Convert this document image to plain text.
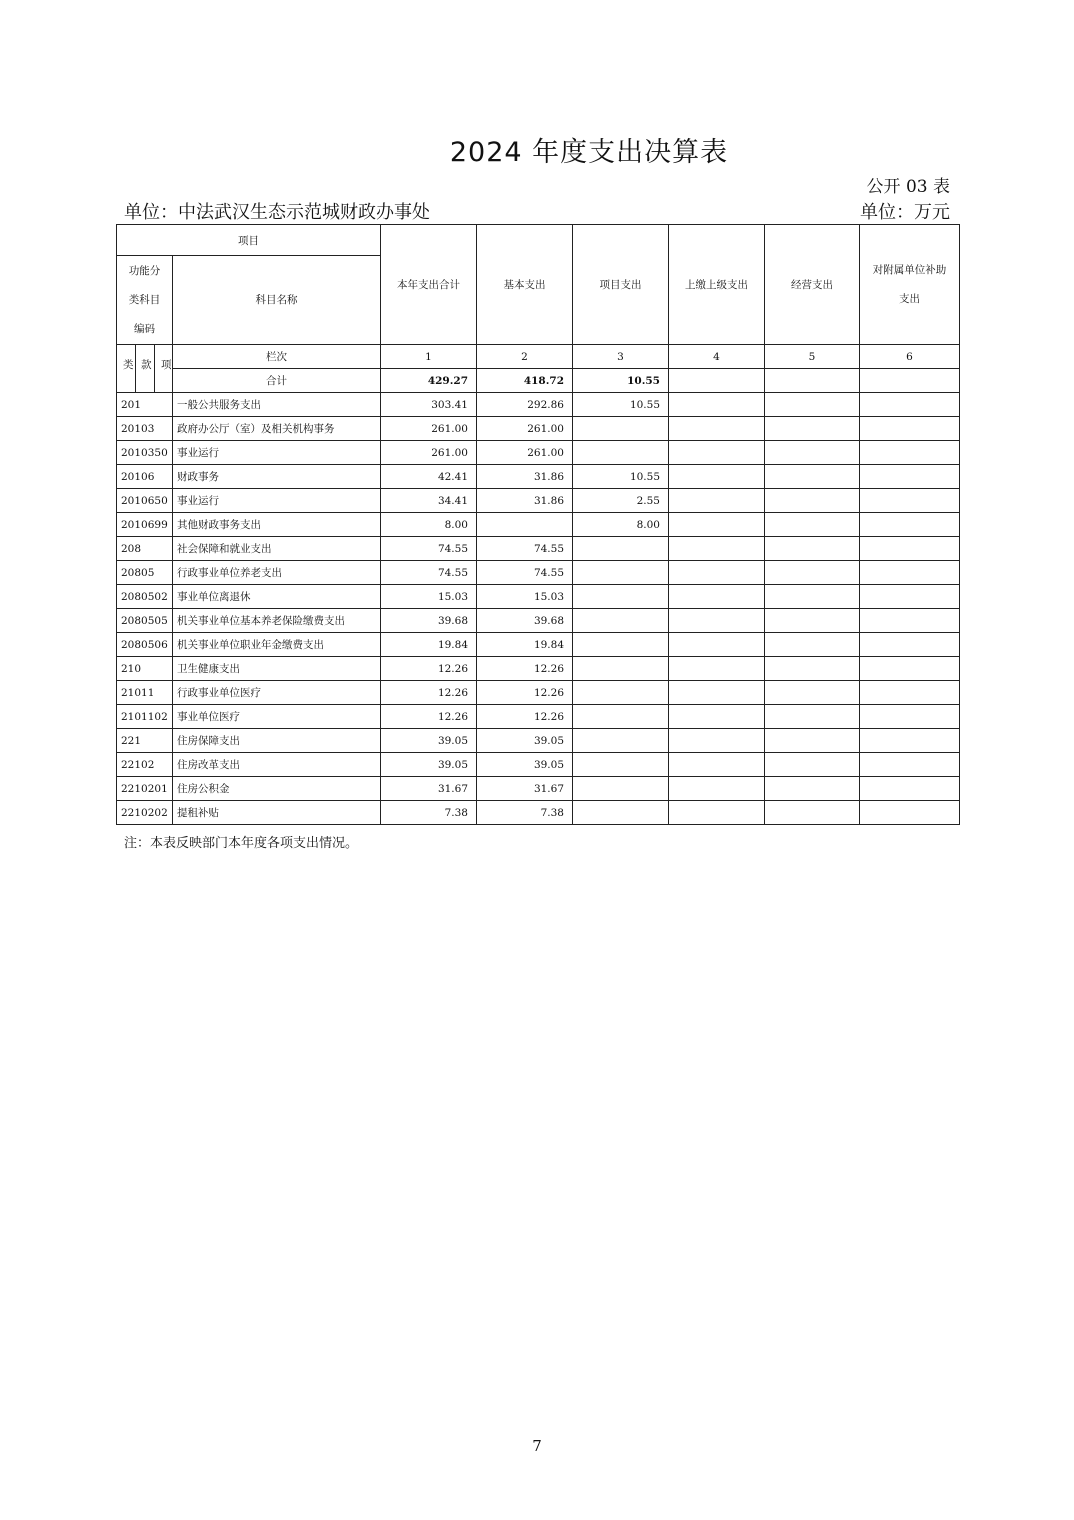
2024 年度支出决算表
公开 03 表
单位：中法武汉生态示范城财政办事处	单位：万元
项目		本年支出合计	基本支出	项目支出	上缴上级支出	经营支出	对附属单位补助支出
功能分类科目编码	科目名称						

类 款 项	栏次	1	2	3	4	5	6
	合计	429.27	418.72	10.55			
201	一般公共服务支出	303.41	292.86	10.55			
20103	政府办公厅（室）及相关机构事务	261.00	261.00				
2010350	事业运行	261.00	261.00				
20106	财政事务	42.41	31.86	10.55			
2010650	事业运行	34.41	31.86	2.55			
2010699	其他财政事务支出	8.00		8.00			
208	社会保障和就业支出	74.55	74.55				
20805	行政事业单位养老支出	74.55	74.55				
2080502	事业单位离退休	15.03	15.03				
2080505	机关事业单位基本养老保险缴费支出	39.68	39.68				
2080506	机关事业单位职业年金缴费支出	19.84	19.84				
210	卫生健康支出	12.26	12.26				
21011	行政事业单位医疗	12.26	12.26				
2101102	事业单位医疗	12.26	12.26				
221	住房保障支出	39.05	39.05				
22102	住房改革支出	39.05	39.05				
2210201	住房公积金	31.67	31.67				
2210202	提租补贴	7.38	7.38				
注：本表反映部门本年度各项支出情况。
7
